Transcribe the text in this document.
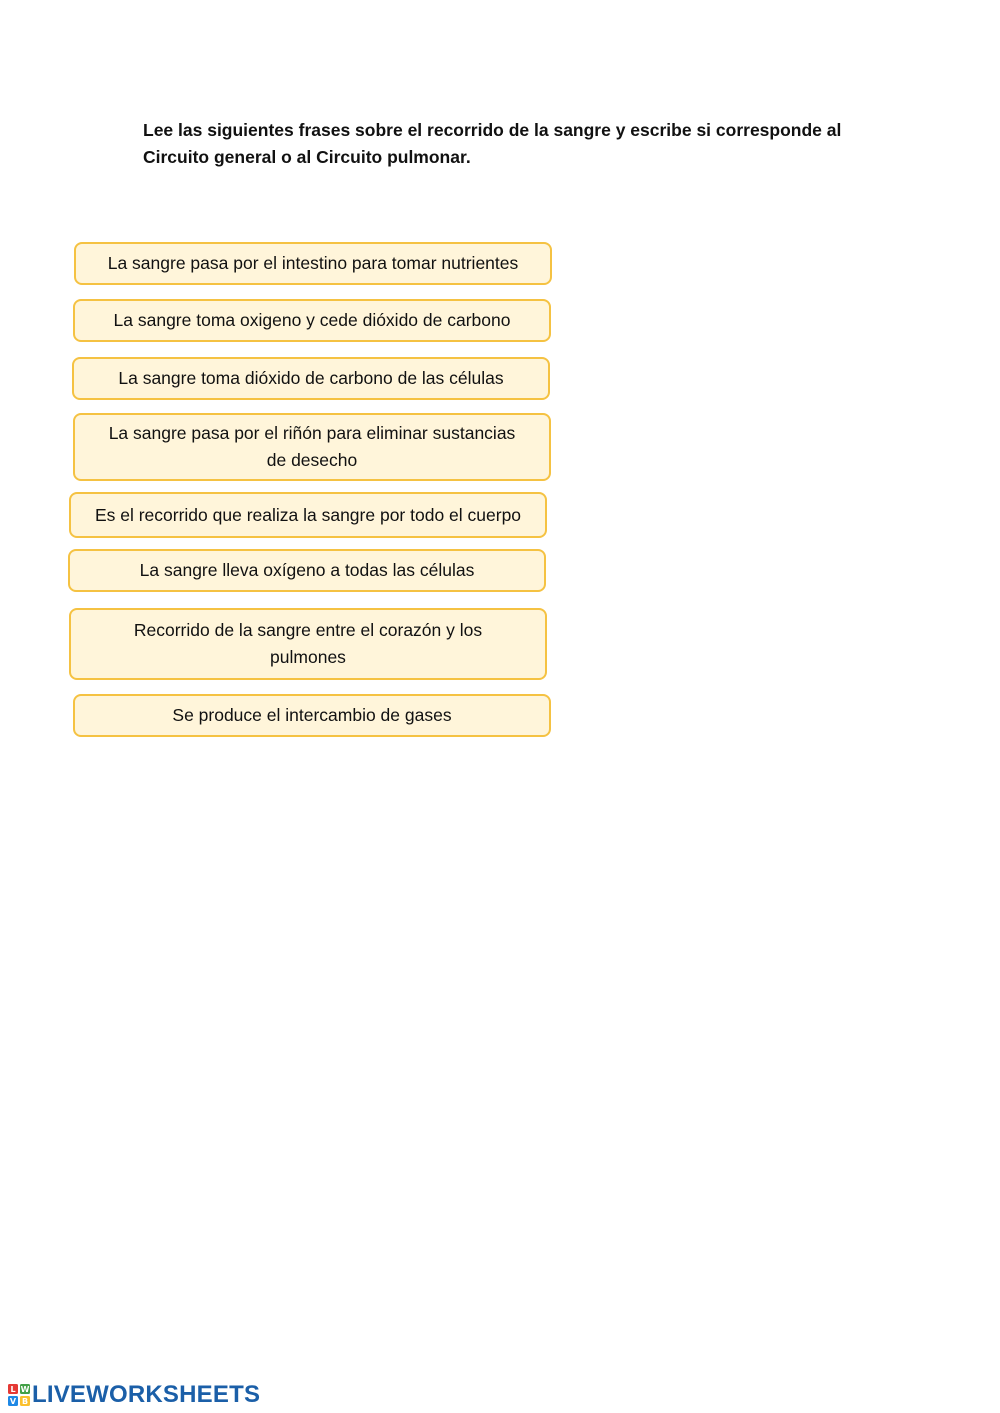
Lee las siguientes frases sobre el recorrido de la sangre y escribe si corresponde al Circuito general o al Circuito pulmonar.

La sangre pasa por el intestino para tomar nutrientes
La sangre toma oxigeno y cede dióxido de carbono
La sangre toma dióxido de carbono de las células
La sangre pasa por el riñón para eliminar sustancias de desecho
Es el recorrido que realiza la sangre por todo el cuerpo
La sangre lleva oxígeno a todas las células
Recorrido de la sangre entre el corazón y los pulmones
Se produce el intercambio de gases
L W
V B LIVEWORKSHEETS
